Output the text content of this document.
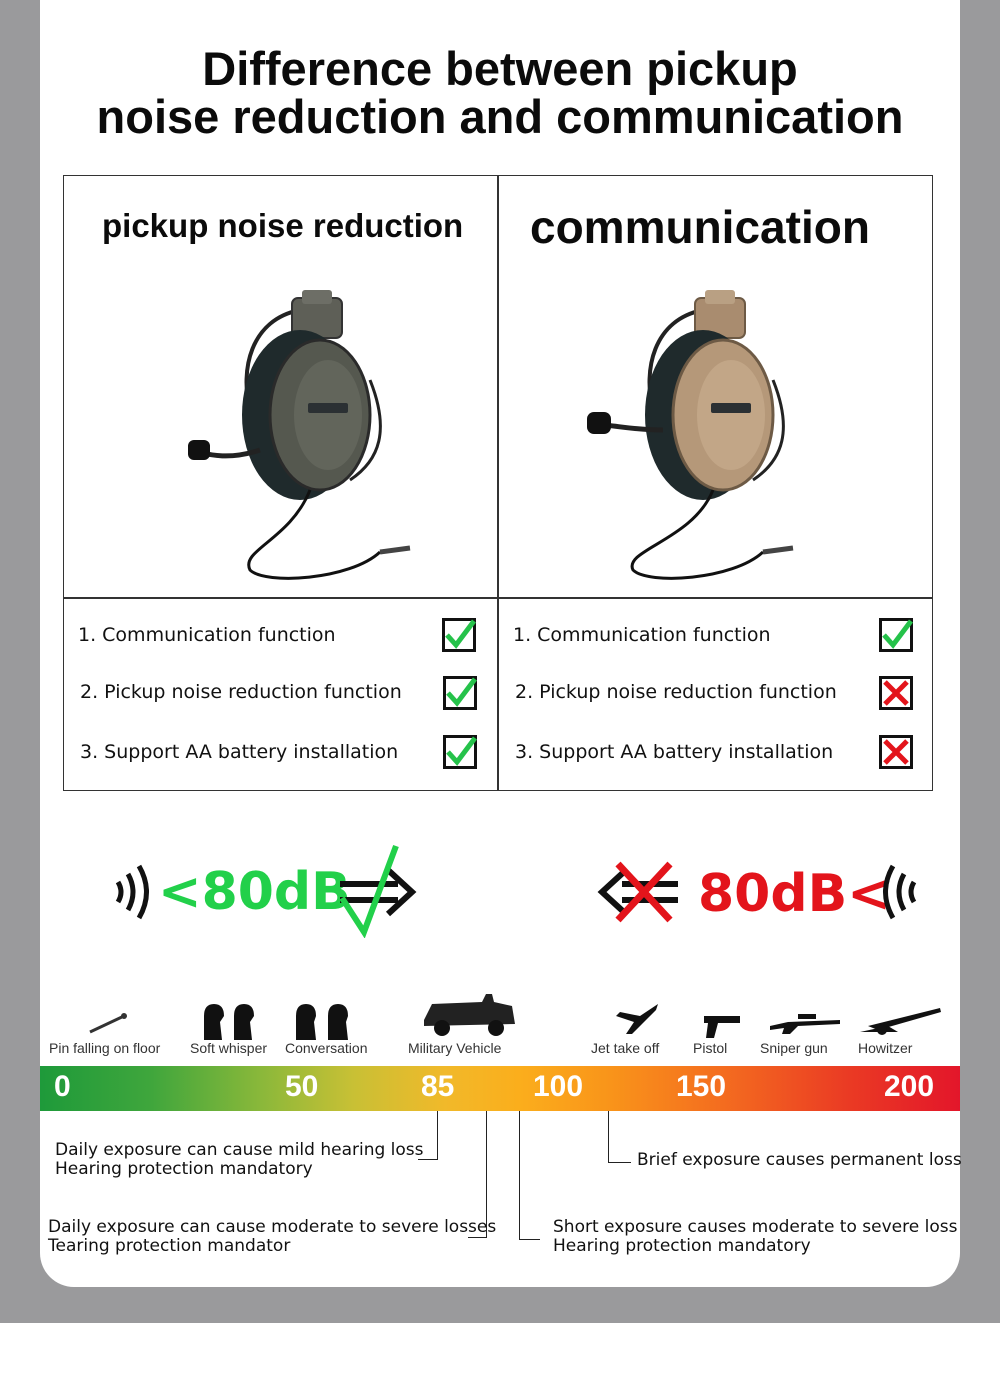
Difference between pickup
noise reduction and communication
pickup noise reduction communication
1. Communication function
2. Pickup noise reduction function
3. Support AA battery installation
1. Communication function
2. Pickup noise reduction function
3. Support AA battery installation
<80dB	80dB<
Pin falling on floor Soft whisper Conversation	Military Vehicle	Jet take off Pistol Sniper gun Howitzer
0	50	85	100	150	200
Daily exposure can cause mild hearing loss
Hearing protection mandatory
Daily exposure can cause moderate to severe losses
Tearing protection mandator
Short exposure causes moderate to severe loss
Hearing protection mandatory
Brief exposure causes permanent loss
